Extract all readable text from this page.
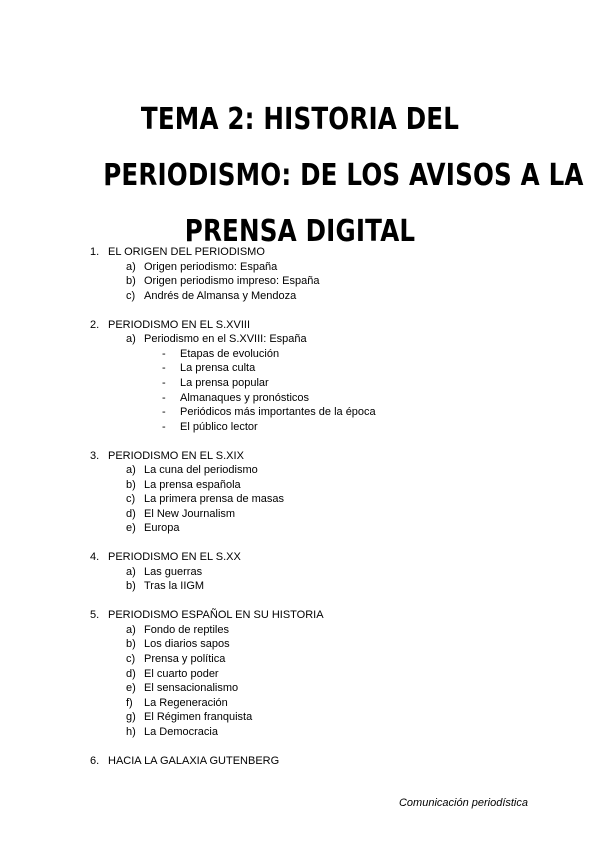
TEMA 2: HISTORIA DEL
PERIODISMO: DE LOS AVISOS A LA
PRENSA DIGITAL
1. EL ORIGEN DEL PERIODISMO
a) Origen periodismo: España
b) Origen periodismo impreso: España
c) Andrés de Almansa y Mendoza
2. PERIODISMO EN EL S.XVIII
a) Periodismo en el S.XVIII: España
- Etapas de evolución
- La prensa culta
- La prensa popular
- Almanaques y pronósticos
- Periódicos más importantes de la época
- El público lector
3. PERIODISMO EN EL S.XIX
a) La cuna del periodismo
b) La prensa española
c) La primera prensa de masas
d) El New Journalism
e) Europa
4. PERIODISMO EN EL S.XX
a) Las guerras
b) Tras la IIGM
5. PERIODISMO ESPAÑOL EN SU HISTORIA
a) Fondo de reptiles
b) Los diarios sapos
c) Prensa y política
d) El cuarto poder
e) El sensacionalismo
f) La Regeneración
g) El Régimen franquista
h) La Democracia
6. HACIA LA GALAXIA GUTENBERG
Comunicación periodística
